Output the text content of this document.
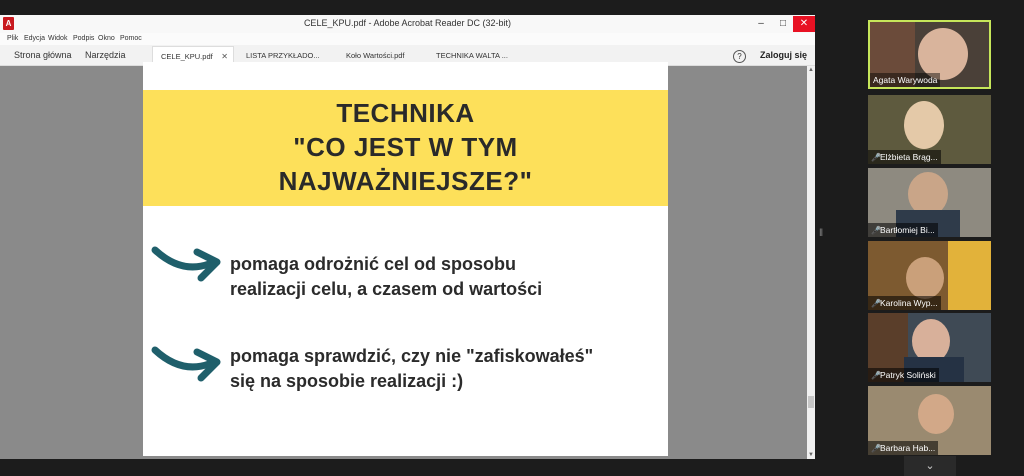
A	CELE_KPU.pdf - Adobe Acrobat Reader DC (32-bit)	–	□	✕
Plik Edycja Widok Podpis Okno Pomoc
Strona główna Narzędzia	CELE_KPU.pdf ✕	LISTA PRZYKŁADO...	Koło Wartości.pdf	TECHNIKA WALTA ...	?	Zaloguj się
▲
▼
TECHNIKA
"CO JEST W TYM
NAJWAŻNIEJSZE?"
pomaga odrożnić cel od sposobu
realizacji celu, a czasem od wartości
pomaga sprawdzić, czy nie "zafiskowałeś"
się na sposobie realizacji :)
‖
Agata Warywoda
🎤Elżbieta Brąg...
🎤Bartłomiej Bi...
🎤Karolina Wyp...
🎤Patryk Soliński
🎤Barbara Hab...
⌄
